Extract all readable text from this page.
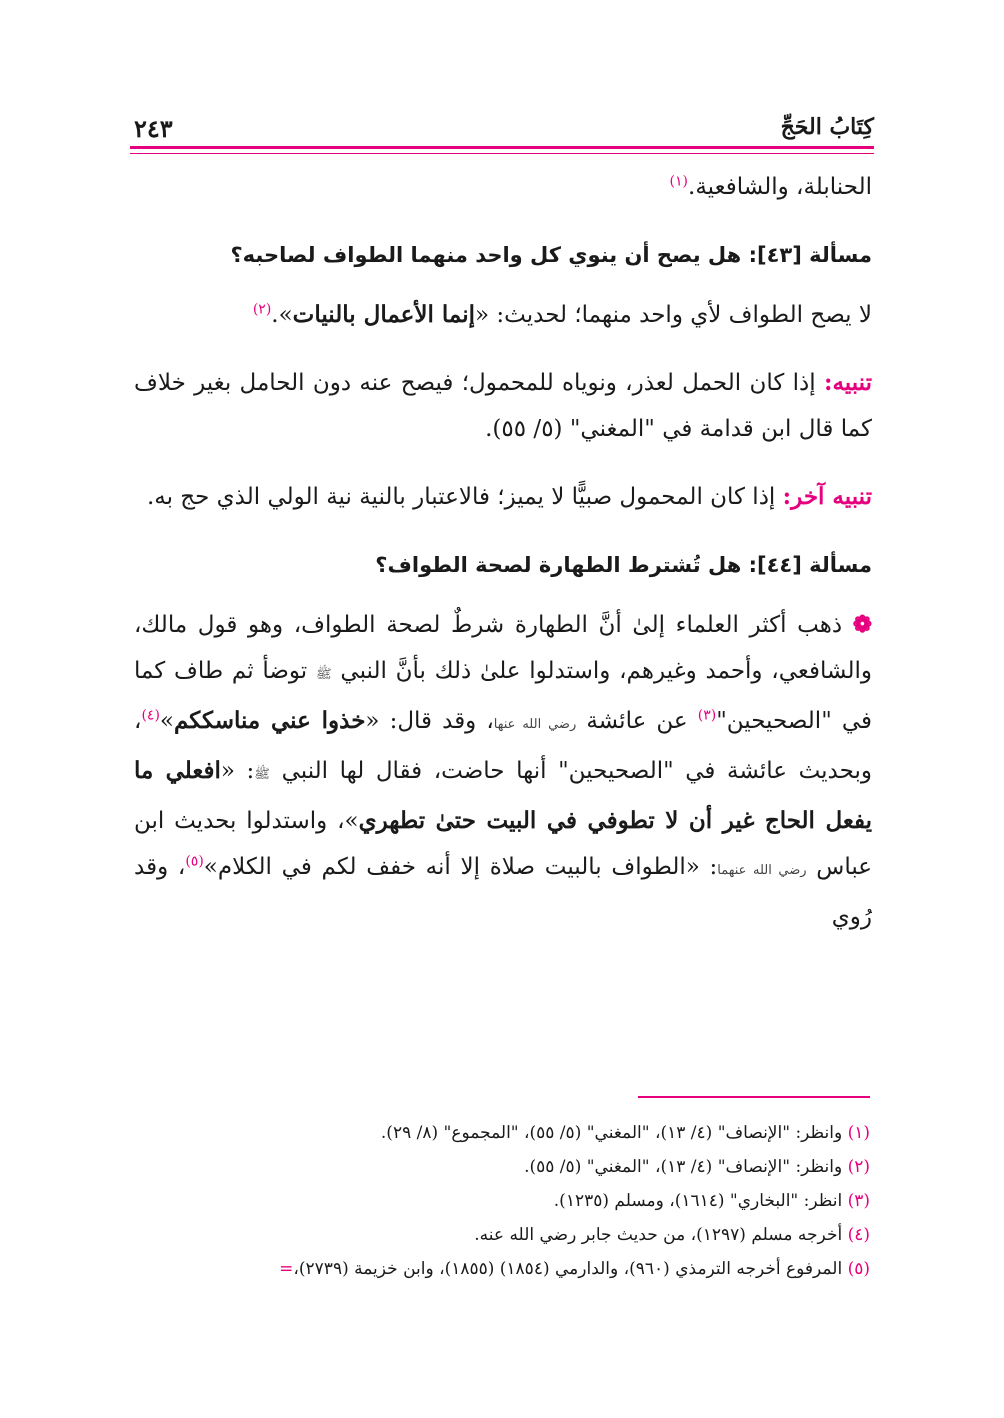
كِتَابُ الحَجِّ
٢٤٣

الحنابلة، والشافعية.$^{(١)}$

مسألة [٤٣]: هل يصح أن ينوي كل واحد منهما الطواف لصاحبه؟

لا يصح الطواف لأي واحد منهما؛ لحديث: «إنما الأعمال بالنيات».$^{(٢)}$

تنبيه: إذا كان الحمل لعذر، ونوياه للمحمول؛ فيصح عنه دون الحامل بغير خلاف كما قال ابن قدامة في "المغني" (٥/ ٥٥).

تنبيه آخر: إذا كان المحمول صبيًّا لا يميز؛ فالاعتبار بالنية نية الولي الذي حج به.

مسألة [٤٤]: هل تُشترط الطهارة لصحة الطواف؟

❁ ذهب أكثر العلماء إلىٰ أنَّ الطهارة شرطٌ لصحة الطواف، وهو قول مالك، والشافعي، وأحمد وغيرهم، واستدلوا علىٰ ذلك بأنَّ النبي ﷺ توضأ ثم طاف كما في "الصحيحين"$^{(٣)}$ عن عائشة رضي الله عنها، وقد قال: «خذوا عني مناسككم»$^{(٤)}$، وبحديث عائشة في "الصحيحين" أنها حاضت، فقال لها النبي ﷺ: «افعلي ما يفعل الحاج غير أن لا تطوفي في البيت حتىٰ تطهري»، واستدلوا بحديث ابن عباس رضي الله عنهما: «الطواف بالبيت صلاة إلا أنه خفف لكم في الكلام»$^{(٥)}$، وقد رُوي

(١) وانظر: "الإنصاف" (٤/ ١٣)، "المغني" (٥/ ٥٥)، "المجموع" (٨/ ٢٩).

(٢) وانظر: "الإنصاف" (٤/ ١٣)، "المغني" (٥/ ٥٥).

(٣) انظر: "البخاري" (١٦١٤)، ومسلم (١٢٣٥).

(٤) أخرجه مسلم (١٢٩٧)، من حديث جابر رضي الله عنه.

(٥) المرفوع أخرجه الترمذي (٩٦٠)، والدارمي (١٨٥٤) (١٨٥٥)، وابن خزيمة (٢٧٣٩)،=
